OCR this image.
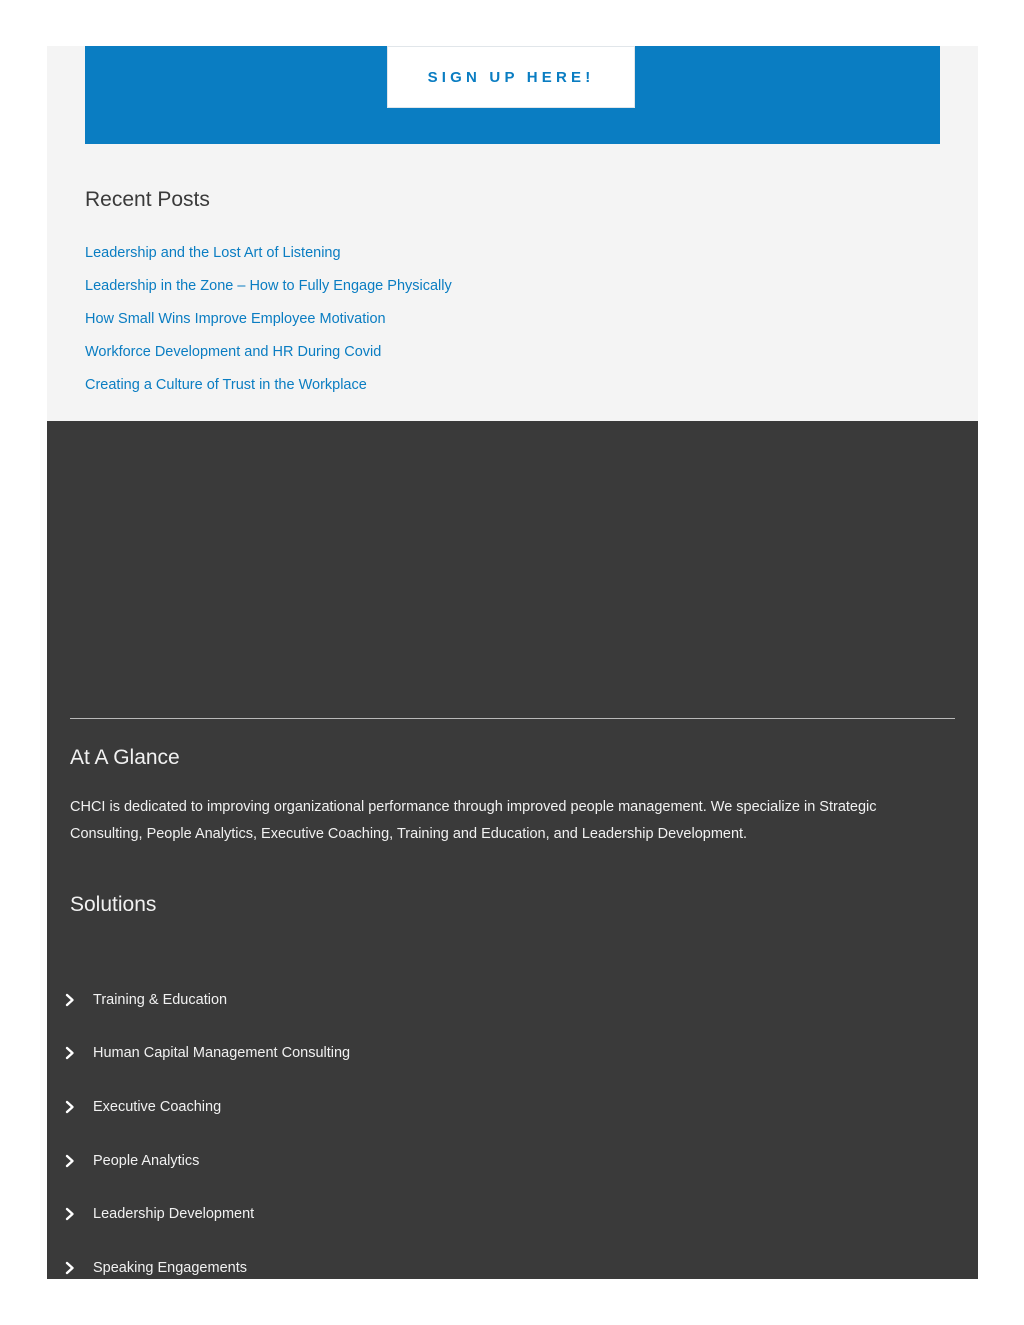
SIGN UP HERE!
Recent Posts
Leadership and the Lost Art of Listening
Leadership in the Zone – How to Fully Engage Physically
How Small Wins Improve Employee Motivation
Workforce Development and HR During Covid
Creating a Culture of Trust in the Workplace
At A Glance

CHCI is dedicated to improving organizational performance through improved people management. We specialize in Strategic Consulting, People Analytics, Executive Coaching, Training and Education, and Leadership Development.

Solutions
Training & Education
Human Capital Management Consulting
Executive Coaching
People Analytics
Leadership Development
Speaking Engagements
